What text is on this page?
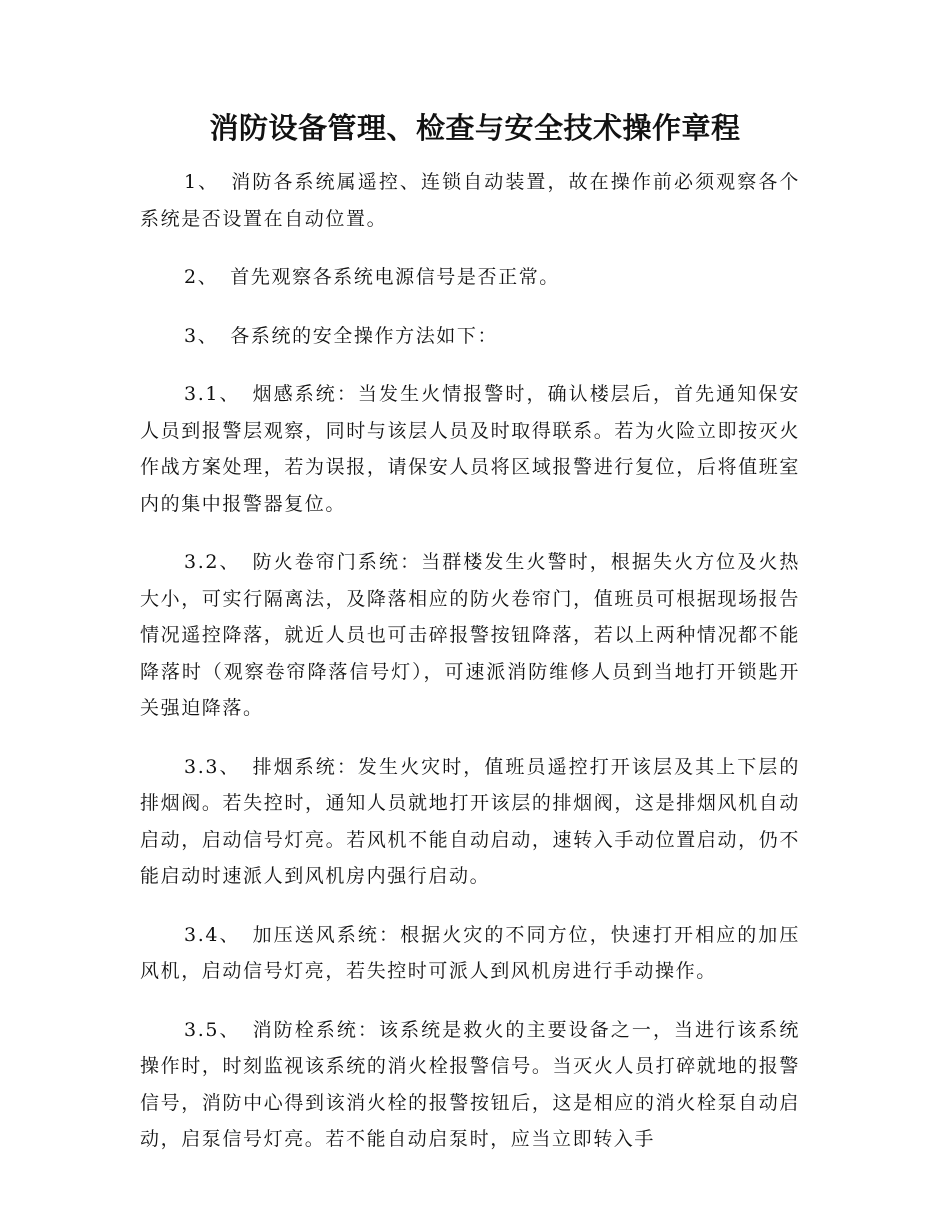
消防设备管理、检查与安全技术操作章程

1、 消防各系统属遥控、连锁自动装置，故在操作前必须观察各个系统是否设置在自动位置。

2、 首先观察各系统电源信号是否正常。

3、 各系统的安全操作方法如下：

3.1、 烟感系统：当发生火情报警时，确认楼层后，首先通知保安人员到报警层观察，同时与该层人员及时取得联系。若为火险立即按灭火作战方案处理，若为误报，请保安人员将区域报警进行复位，后将值班室内的集中报警器复位。

3.2、 防火卷帘门系统：当群楼发生火警时，根据失火方位及火热大小，可实行隔离法，及降落相应的防火卷帘门，值班员可根据现场报告情况遥控降落，就近人员也可击碎报警按钮降落，若以上两种情况都不能降落时（观察卷帘降落信号灯），可速派消防维修人员到当地打开锁匙开关强迫降落。

3.3、 排烟系统：发生火灾时，值班员遥控打开该层及其上下层的排烟阀。若失控时，通知人员就地打开该层的排烟阀，这是排烟风机自动启动，启动信号灯亮。若风机不能自动启动，速转入手动位置启动，仍不能启动时速派人到风机房内强行启动。

3.4、 加压送风系统：根据火灾的不同方位，快速打开相应的加压风机，启动信号灯亮，若失控时可派人到风机房进行手动操作。

3.5、 消防栓系统：该系统是救火的主要设备之一，当进行该系统操作时，时刻监视该系统的消火栓报警信号。当灭火人员打碎就地的报警信号，消防中心得到该消火栓的报警按钮后，这是相应的消火栓泵自动启动，启泵信号灯亮。若不能自动启泵时，应当立即转入手
